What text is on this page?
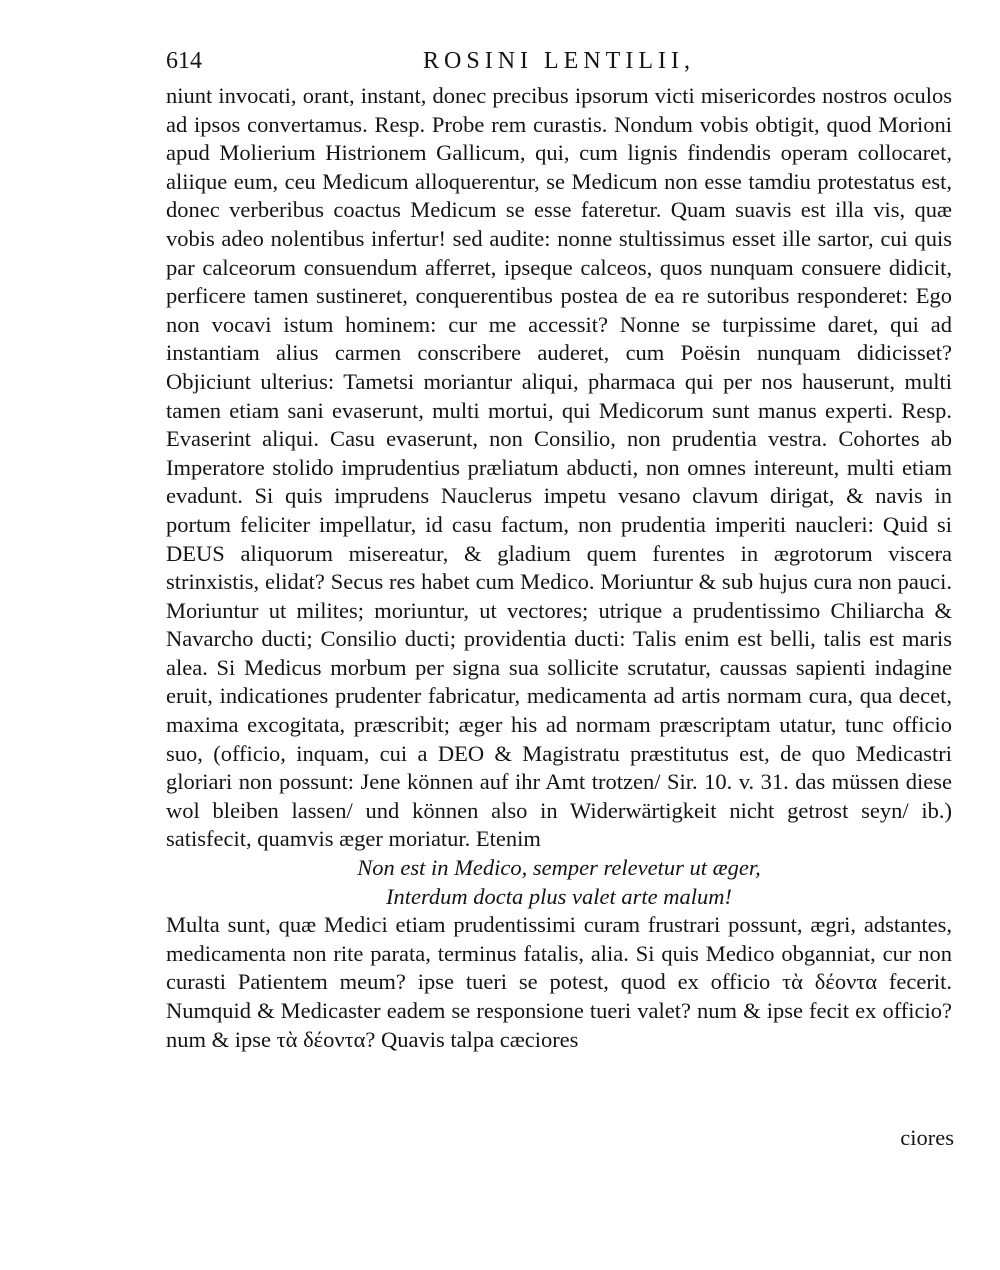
614	ROSINI LENTILII,

niunt invocati, orant, instant, donec precibus ipsorum victi misericordes nostros oculos ad ipsos convertamus. Resp. Probe rem curastis. Nondum vobis obtigit, quod Morioni apud Molierium Histrionem Gallicum, qui, cum lignis findendis operam collocaret, aliique eum, ceu Medicum alloquerentur, se Medicum non esse tamdiu protestatus est, donec verberibus coactus Medicum se esse fateretur. Quam suavis est illa vis, quæ vobis adeo nolentibus infertur! sed audite: nonne stultissimus esset ille sartor, cui quis par calceorum consuendum afferret, ipseque calceos, quos nunquam consuere didicit, perficere tamen sustineret, conquerentibus postea de ea re sutoribus responderet: Ego non vocavi istum hominem: cur me accessit? Nonne se turpissime daret, qui ad instantiam alius carmen conscribere auderet, cum Poësin nunquam didicisset? Objiciunt ulterius: Tametsi moriantur aliqui, pharmaca qui per nos hauserunt, multi tamen etiam sani evaserunt, multi mortui, qui Medicorum sunt manus experti. Resp. Evaserint aliqui. Casu evaserunt, non Consilio, non prudentia vestra. Cohortes ab Imperatore stolido imprudentius præliatum abducti, non omnes intereunt, multi etiam evadunt. Si quis imprudens Nauclerus impetu vesano clavum dirigat, & navis in portum feliciter impellatur, id casu factum, non prudentia imperiti naucleri: Quid si DEUS aliquorum misereatur, & gladium quem furentes in ægrotorum viscera strinxistis, elidat? Secus res habet cum Medico. Moriuntur & sub hujus cura non pauci. Moriuntur ut milites; moriuntur, ut vectores; utrique a prudentissimo Chiliarcha & Navarcho ducti; Consilio ducti; providentia ducti: Talis enim est belli, talis est maris alea. Si Medicus morbum per signa sua sollicite scrutatur, caussas sapienti indagine eruit, indicationes prudenter fabricatur, medicamenta ad artis normam cura, qua decet, maxima excogitata, præscribit; æger his ad normam præscriptam utatur, tunc officio suo, (officio, inquam, cui a DEO & Magistratu præstitutus est, de quo Medicastri gloriari non possunt: Jene können auf ihr Amt trotzen/ Sir. 10. v. 31. das müssen diese wol bleiben lassen/ und können also in Widerwärtigkeit nicht getrost seyn/ ib.) satisfecit, quamvis æger moriatur. Etenim

Non est in Medico, semper relevetur ut æger,

Interdum docta plus valet arte malum!

Multa sunt, quæ Medici etiam prudentissimi curam frustrari possunt, ægri, adstantes, medicamenta non rite parata, terminus fatalis, alia. Si quis Medico obganniat, cur non curasti Patientem meum? ipse tueri se potest, quod ex officio τὰ δέοντα fecerit. Numquid & Medicaster eadem se responsione tueri valet? num & ipse fecit ex officio? num & ipse τὰ δέοντα? Quavis talpa cæciores

ciores
